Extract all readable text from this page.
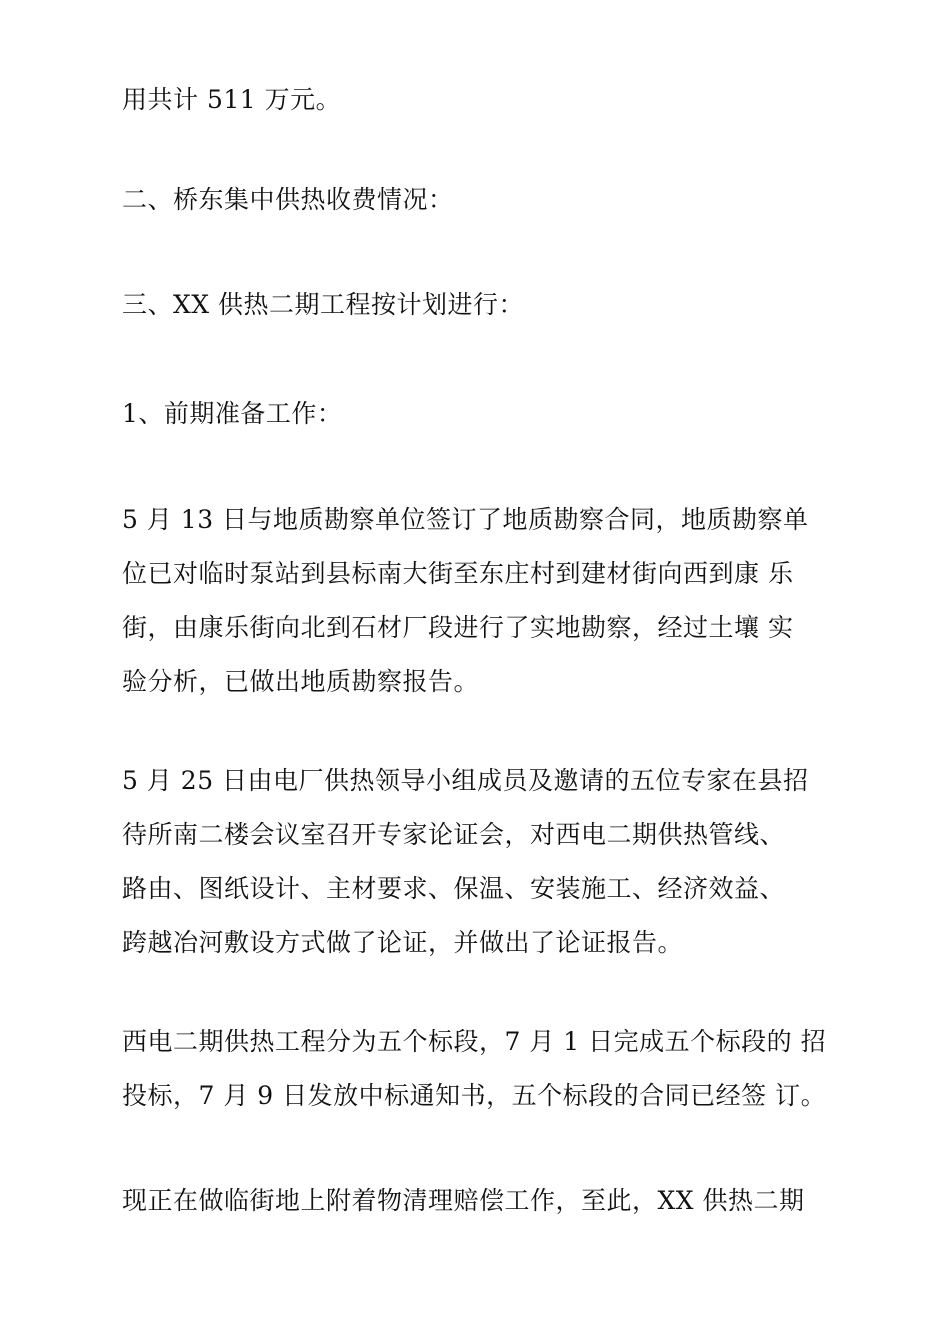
用共计 511 万元。

二、桥东集中供热收费情况：

三、XX 供热二期工程按计划进行：

1、前期准备工作：

5 月 13 日与地质勘察单位签订了地质勘察合同，地质勘察单
位已对临时泵站到县标南大街至东庄村到建材街向西到康 乐
街，由康乐街向北到石材厂段进行了实地勘察，经过土壤 实
验分析，已做出地质勘察报告。

5 月 25 日由电厂供热领导小组成员及邀请的五位专家在县招
待所南二楼会议室召开专家论证会，对西电二期供热管线、
路由、图纸设计、主材要求、保温、安装施工、经济效益、
跨越冶河敷设方式做了论证，并做出了论证报告。

西电二期供热工程分为五个标段，7 月 1 日完成五个标段的 招
投标，7 月 9 日发放中标通知书，五个标段的合同已经签 订。

现正在做临街地上附着物清理赔偿工作，至此，XX 供热二期
